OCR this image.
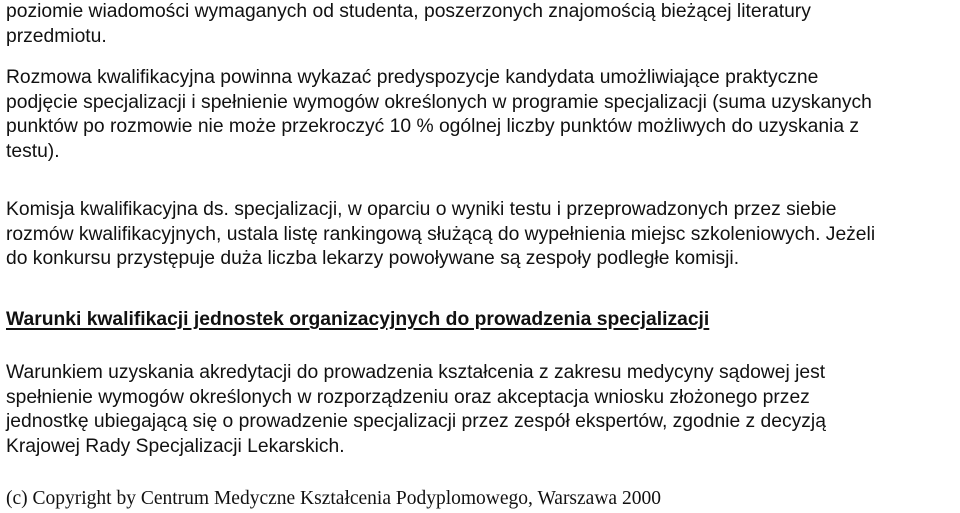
poziomie wiadomości wymaganych od studenta, poszerzonych znajomością bieżącej literatury
przedmiotu.
Rozmowa kwalifikacyjna powinna wykazać predyspozycje kandydata umożliwiające praktyczne
podjęcie specjalizacji i spełnienie wymogów określonych w programie specjalizacji (suma uzyskanych
punktów po rozmowie nie może przekroczyć 10 % ogólnej liczby punktów możliwych do uzyskania z
testu).
Komisja kwalifikacyjna ds. specjalizacji, w oparciu o wyniki testu i przeprowadzonych przez siebie
rozmów kwalifikacyjnych, ustala listę rankingową służącą do wypełnienia miejsc szkoleniowych. Jeżeli
do konkursu przystępuje duża liczba lekarzy powoływane są zespoły podległe komisji.
Warunki kwalifikacji jednostek organizacyjnych do prowadzenia specjalizacji
Warunkiem uzyskania akredytacji do prowadzenia kształcenia z zakresu medycyny sądowej jest
spełnienie wymogów określonych w rozporządzeniu oraz akceptacja wniosku złożonego przez
jednostkę ubiegającą się o prowadzenie specjalizacji przez zespół ekspertów, zgodnie z decyzją
Krajowej Rady Specjalizacji Lekarskich.
(c) Copyright by Centrum Medyczne Kształcenia Podyplomowego, Warszawa 2000
